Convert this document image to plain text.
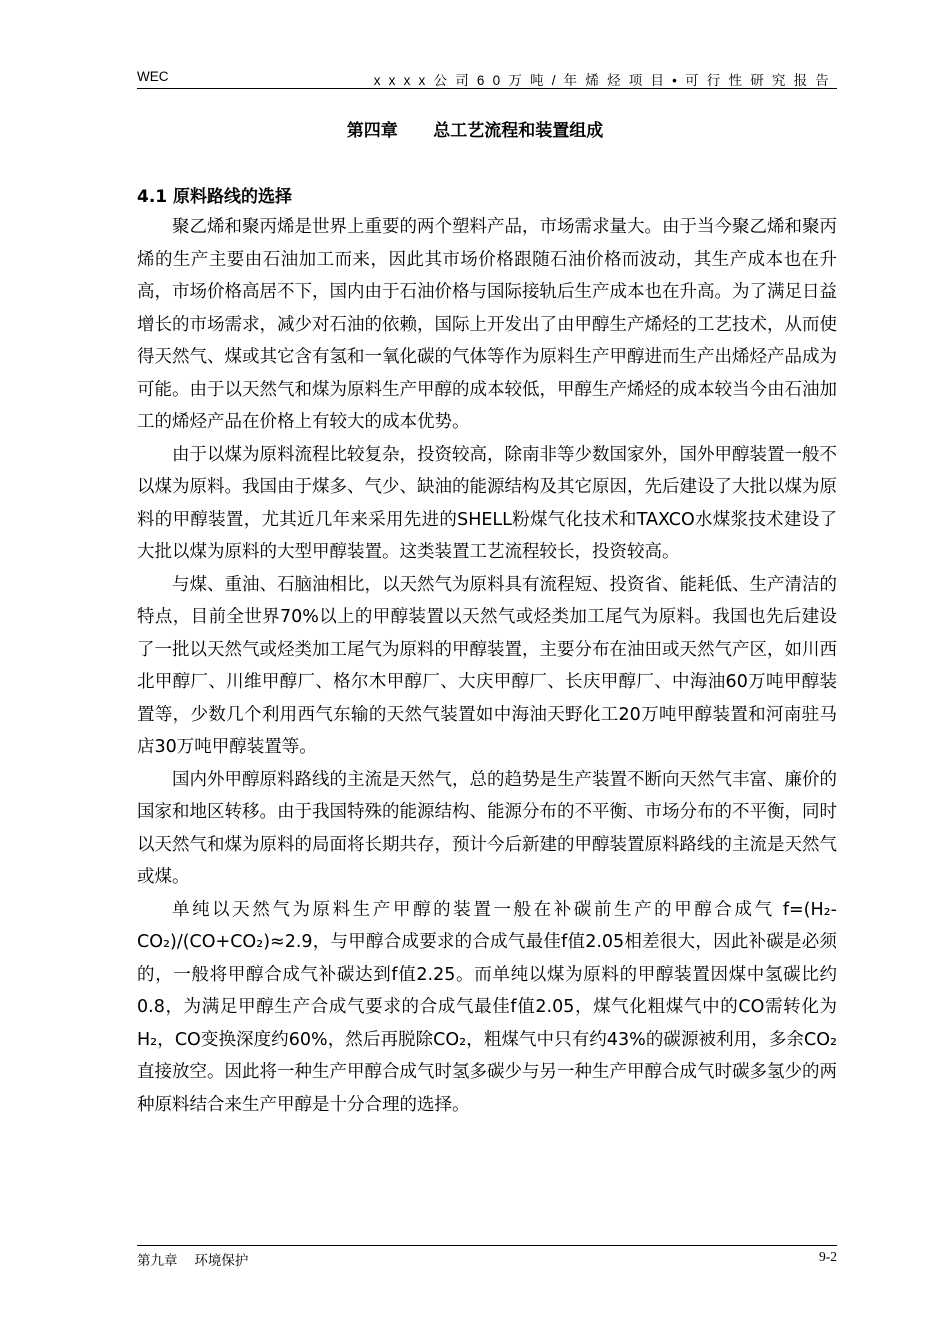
WEC	xxxx公司60万吨/年烯烃项目•可行性研究报告
第四章      总工艺流程和装置组成
4.1 原料路线的选择

聚乙烯和聚丙烯是世界上重要的两个塑料产品，市场需求量大。由于当今聚乙烯和聚丙烯的生产主要由石油加工而来，因此其市场价格跟随石油价格而波动，其生产成本也在升高，市场价格高居不下，国内由于石油价格与国际接轨后生产成本也在升高。为了满足日益增长的市场需求，减少对石油的依赖，国际上开发出了由甲醇生产烯烃的工艺技术，从而使得天然气、煤或其它含有氢和一氧化碳的气体等作为原料生产甲醇进而生产出烯烃产品成为可能。由于以天然气和煤为原料生产甲醇的成本较低，甲醇生产烯烃的成本较当今由石油加工的烯烃产品在价格上有较大的成本优势。

由于以煤为原料流程比较复杂，投资较高，除南非等少数国家外，国外甲醇装置一般不以煤为原料。我国由于煤多、气少、缺油的能源结构及其它原因，先后建设了大批以煤为原料的甲醇装置，尤其近几年来采用先进的SHELL粉煤气化技术和TAXCO水煤浆技术建设了大批以煤为原料的大型甲醇装置。这类装置工艺流程较长，投资较高。

与煤、重油、石脑油相比，以天然气为原料具有流程短、投资省、能耗低、生产清洁的特点，目前全世界70%以上的甲醇装置以天然气或烃类加工尾气为原料。我国也先后建设了一批以天然气或烃类加工尾气为原料的甲醇装置，主要分布在油田或天然气产区，如川西北甲醇厂、川维甲醇厂、格尔木甲醇厂、大庆甲醇厂、长庆甲醇厂、中海油60万吨甲醇装置等，少数几个利用西气东输的天然气装置如中海油天野化工20万吨甲醇装置和河南驻马店30万吨甲醇装置等。

国内外甲醇原料路线的主流是天然气，总的趋势是生产装置不断向天然气丰富、廉价的国家和地区转移。由于我国特殊的能源结构、能源分布的不平衡、市场分布的不平衡，同时以天然气和煤为原料的局面将长期共存，预计今后新建的甲醇装置原料路线的主流是天然气或煤。

单纯以天然气为原料生产甲醇的装置一般在补碳前生产的甲醇合成气 f=(H₂-CO₂)/(CO+CO₂)≈2.9，与甲醇合成要求的合成气最佳f值2.05相差很大，因此补碳是必须的，一般将甲醇合成气补碳达到f值2.25。而单纯以煤为原料的甲醇装置因煤中氢碳比约0.8，为满足甲醇生产合成气要求的合成气最佳f值2.05，煤气化粗煤气中的CO需转化为H₂，CO变换深度约60%，然后再脱除CO₂，粗煤气中只有约43%的碳源被利用，多余CO₂直接放空。因此将一种生产甲醇合成气时氢多碳少与另一种生产甲醇合成气时碳多氢少的两种原料结合来生产甲醇是十分合理的选择。

第九章     环境保护	9-2
